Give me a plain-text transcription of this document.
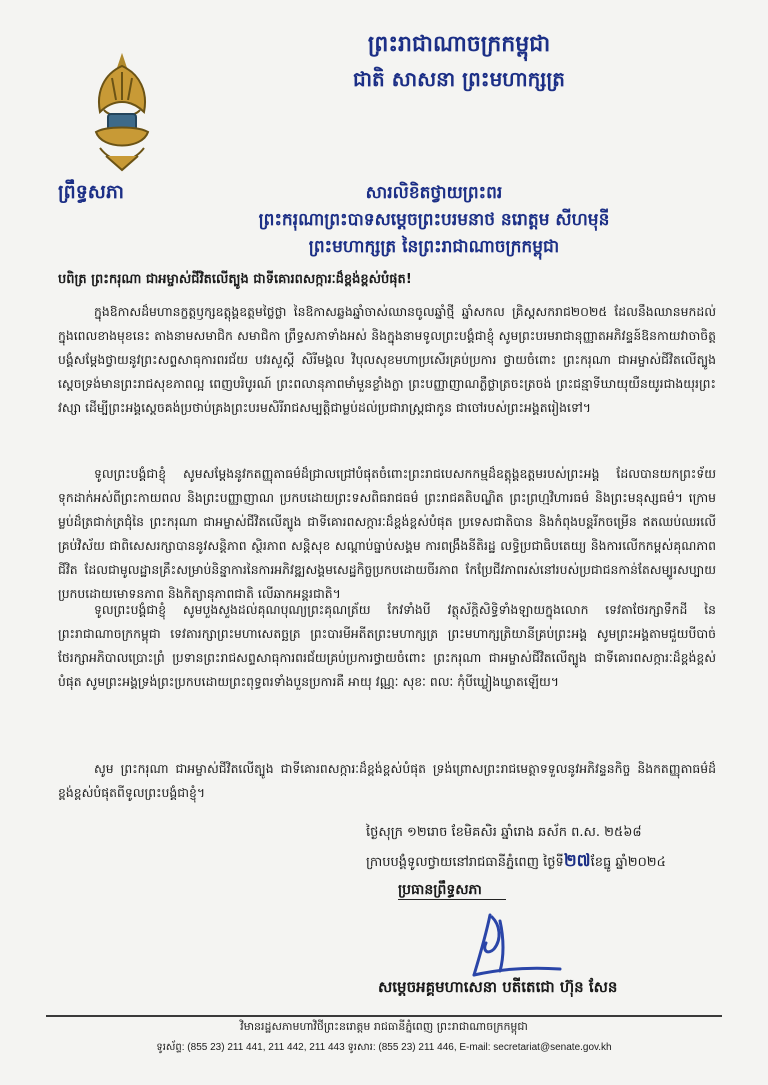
ព្រះរាជាណាចក្រកម្ពុជា
ជាតិ សាសនា ព្រះមហាក្សត្រ
ព្រឹទ្ធសភា	សារលិខិតថ្វាយព្រះពរ
ព្រះករុណាព្រះបាទសម្តេចព្រះបរមនាថ នរោត្តម សីហមុនី
ព្រះមហាក្សត្រ នៃព្រះរាជាណាចក្រកម្ពុជា
បពិត្រ ព្រះករុណា ជាអម្ចាស់ជីវិតលើត្បូង ជាទីគោរពសក្ការៈដ៏ខ្ពង់ខ្ពស់បំផុត!
ក្នុងឱកាសដ៏មហានក្ខត្តឫក្សឧត្តុង្គឧត្តមថ្លៃថ្លា នៃឱកាសឆ្លងឆ្នាំចាស់ឈានចូលឆ្នាំថ្មី ឆ្នាំសកល គ្រិស្តសករាជ២០២៥ ដែលនឹងឈានមកដល់ក្នុងពេលខាងមុខនេះ តាងនាមសមាជិក សមាជិកា ព្រឹទ្ធសភាទាំងអស់ និងក្នុងនាមទូលព្រះបង្គំជាខ្ញុំ សូមព្រះបរមរាជានុញ្ញាតអភិវន្ទន៍ឱនកាយវាចាចិត្ត បង្គំសម្តែងថ្វាយនូវព្រះសព្ទសាធុការពរជ័យ បវរសួស្តី សិរីមង្គល វិបុលសុខមហាប្រសើរគ្រប់ប្រការ ថ្វាយចំពោះ ព្រះករុណា ជាអម្ចាស់ជីវិតលើត្បូង ស្តេចទ្រង់មានព្រះរាជសុខភាពល្អ ពេញបរិបូរណ៍ ព្រះពលានុភាពមាំមួនខ្លាំងក្លា ព្រះបញ្ញាញាណភ្លឺថ្លាត្រចះត្រចង់ ព្រះជន្មាទីឃាយុយឺនយូរជាងយុរព្រះវស្សា ដើម្បីព្រះអង្គស្តេចគង់ប្រថាប់គ្រងព្រះបរមសិរីរាជសម្បត្តិជាម្លប់ដល់ប្រជារាស្ត្រជាកូន ជាចៅរបស់ព្រះអង្គតរៀងទៅ។
ទូលព្រះបង្គំជាខ្ញុំ សូមសម្តែងនូវកតញ្ញុតាធម៌ដ៏ជ្រាលជ្រៅបំផុតចំពោះព្រះរាជបេសកកម្មដ៏ឧត្តុង្គឧត្តមរបស់ព្រះអង្គ ដែលបានយកព្រះទ័យទុកដាក់អស់ពីព្រះកាយពល និងព្រះបញ្ញាញាណ ប្រកបដោយព្រះទសពិធរាជធម៌ ព្រះរាជគតិបណ្ឌិត ព្រះព្រហ្មវិហារធម៌ និងព្រះមនុស្សធម៌។ ក្រោមម្លប់ដ៏ត្រជាក់ត្រជុំនៃ ព្រះករុណា ជាអម្ចាស់ជីវិតលើត្បូង ជាទីគោរពសក្ការៈដ៏ខ្ពង់ខ្ពស់បំផុត ប្រទេសជាតិបាន និងកំពុងបន្តរីកចម្រើន ឥតឈប់ឈរលើគ្រប់វិស័យ ជាពិសេសរក្សាបាននូវសន្តិភាព ស្ថិរភាព សន្តិសុខ សណ្តាប់ធ្នាប់សង្គម ការពង្រឹងនីតិរដ្ឋ លទ្ធិប្រជាធិបតេយ្យ និងការលើកកម្ពស់គុណភាពជីវិត ដែលជាមូលដ្ឋានគ្រឹះសម្រាប់និន្នាការនៃការអភិវឌ្ឍសង្គមសេដ្ឋកិច្ចប្រកបដោយចីរភាព កែប្រែជីវភាពរស់នៅរបស់ប្រជាជនកាន់តែសម្បូរសប្បាយ ប្រកបដោយមោទនភាព និងកិត្យានុភាពជាតិ លើឆាកអន្តរជាតិ។
ទូលព្រះបង្គំជាខ្ញុំ សូមបួងសួងដល់គុណបុណ្យព្រះគុណត្រ័យ កែវទាំងបី វត្ថុស័ក្តិសិទ្ធិទាំងឡាយក្នុងលោក ទេវតាថែរក្សាទឹកដី នៃព្រះរាជាណាចក្រកម្ពុជា ទេវតារក្សាព្រះមហាសេតច្ឆត្រ ព្រះបារមីអតីតព្រះមហាក្សត្រ ព្រះមហាក្សត្រិយានីគ្រប់ព្រះអង្គ សូមព្រះអង្គតាមជួយបីបាច់ថែរក្សាអភិបាលប្រោះព្រំ ប្រទានព្រះរាជសព្ទសាធុការពរជ័យគ្រប់ប្រការថ្វាយចំពោះ ព្រះករុណា ជាអម្ចាស់ជីវិតលើត្បូង ជាទីគោរពសក្ការៈដ៏ខ្ពង់ខ្ពស់បំផុត សូមព្រះអង្គទ្រង់ព្រះប្រកបដោយព្រះពុទ្ធពរទាំងបួនប្រការគឺ អាយុ វណ្ណៈ សុខៈ ពលៈ កុំបីឃ្លៀងឃ្លាតឡើយ។
សូម ព្រះករុណា ជាអម្ចាស់ជីវិតលើត្បូង ជាទីគោរពសក្ការៈដ៏ខ្ពង់ខ្ពស់បំផុត ទ្រង់ព្រោសព្រះរាជមេត្តាទទួលនូវអភិវន្ទនកិច្ច និងកតញ្ញុតាធម៌ដ៏ខ្ពង់ខ្ពស់បំផុតពីទូលព្រះបង្គំជាខ្ញុំ។
ថ្ងៃសុក្រ ១២រោច ខែមិគសិរ ឆ្នាំរោង ឆស័ក ព.ស. ២៥៦៨
ក្រាបបង្គំទូលថ្វាយនៅរាជធានីភ្នំពេញ ថ្ងៃទី២៧ខែធ្នូ ឆ្នាំ២០២៤
ប្រធានព្រឹទ្ធសភា
សម្តេចអគ្គមហាសេនា បតីតេជោ ហ៊ុន សែន
វិមានរដ្ឋសភាមហាវិថីព្រះនរោត្តម រាជធានីភ្នំពេញ ព្រះរាជាណាចក្រកម្ពុជា
ទូរស័ព្ទ: (855 23) 211 441, 211 442, 211 443 ទូរសារ: (855 23) 211 446, E-mail: secretariat@senate.gov.kh
